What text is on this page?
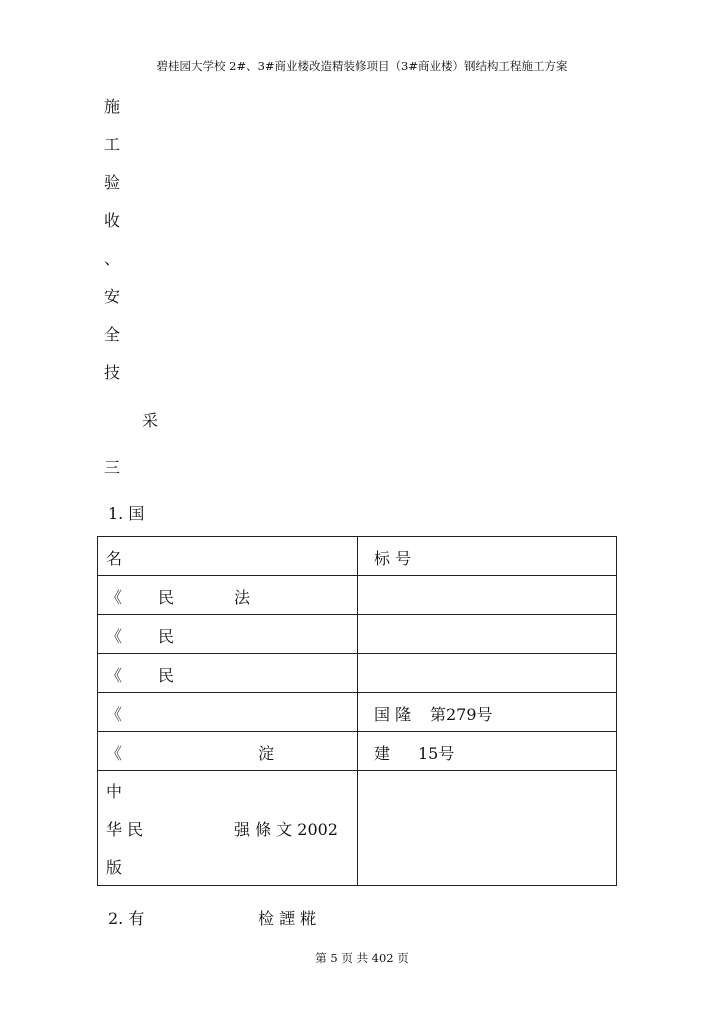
碧桂园大学校 2#、3#商业楼改造精装修项目（3#商业楼）钢结构工程施工方案
施
工
验
收
、
安
全
技
采
三
1. 国
名	标 号

《 民 法	

《 民	

《 民	

《	国 隆 第279号

《 淀	建 15号

中
华 民 强 條 文 2002
版	

2. 有	检 諲 糀
第 5 页 共 402 页
